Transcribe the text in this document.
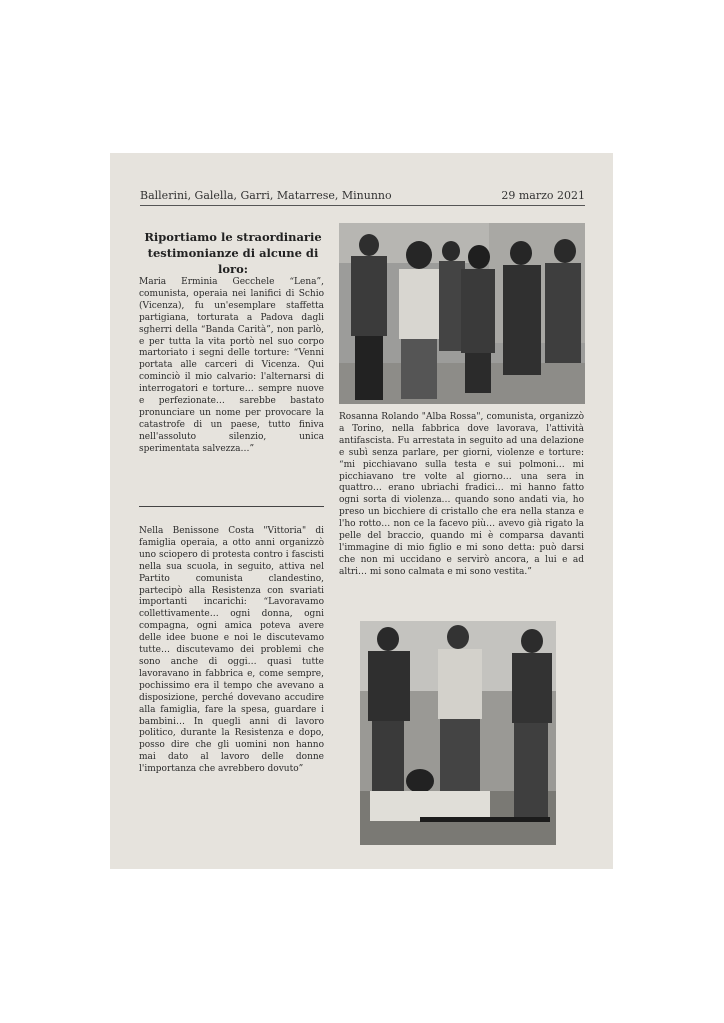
Ballerini, Galella, Garri, Matarrese, Minunno	29 marzo 2021
Riportiamo le straordinarie testimonianze di alcune di loro:

Maria Erminia Gecchele “Lena”, comunista, operaia nei lanifici di Schio (Vicenza), fu un'esemplare staffetta partigiana, torturata a Padova dagli sgherri della “Banda Carità”, non parlò, e per tutta la vita portò nel suo corpo martoriato i segni delle torture: “Venni portata alle carceri di Vicenza. Qui cominciò il mio calvario: l'alternarsi di interrogatori e torture… sempre nuove e perfezionate… sarebbe bastato pronunciare un nome per provocare la catastrofe di un paese, tutto finiva nell'assoluto silenzio, unica sperimentata salvezza…”

Nella Benissone Costa "Vittoria" di famiglia operaia, a otto anni organizzò uno sciopero di protesta contro i fascisti nella sua scuola, in seguito, attiva nel Partito comunista clandestino, partecipò alla Resistenza con svariati importanti incarichi: “Lavoravamo collettivamente… ogni donna, ogni compagna, ogni amica poteva avere delle idee buone e noi le discutevamo tutte… discutevamo dei problemi che sono anche di oggi… quasi tutte lavoravano in fabbrica e, come sempre, pochissimo era il tempo che avevano a disposizione, perché dovevano accudire alla famiglia, fare la spesa, guardare i bambini… In quegli anni di lavoro politico, durante la Resistenza e dopo, posso dire che gli uomini non hanno mai dato al lavoro delle donne l'importanza che avrebbero dovuto”

Rosanna Rolando "Alba Rossa", comunista, organizzò a Torino, nella fabbrica dove lavorava, l'attività antifascista. Fu arrestata in seguito ad una delazione e subì senza parlare, per giorni, violenze e torture: “mi picchiavano sulla testa e sui polmoni… mi picchiavano tre volte al giorno… una sera in quattro… erano ubriachi fradici… mi hanno fatto ogni sorta di violenza… quando sono andati via, ho preso un bicchiere di cristallo che era nella stanza e l'ho rotto… non ce la facevo più… avevo già rigato la pelle del braccio, quando mi è comparsa davanti l'immagine di mio figlio e mi sono detta: può darsi che non mi uccidano e servirò ancora, a lui e ad altri… mi sono calmata e mi sono vestita.”
